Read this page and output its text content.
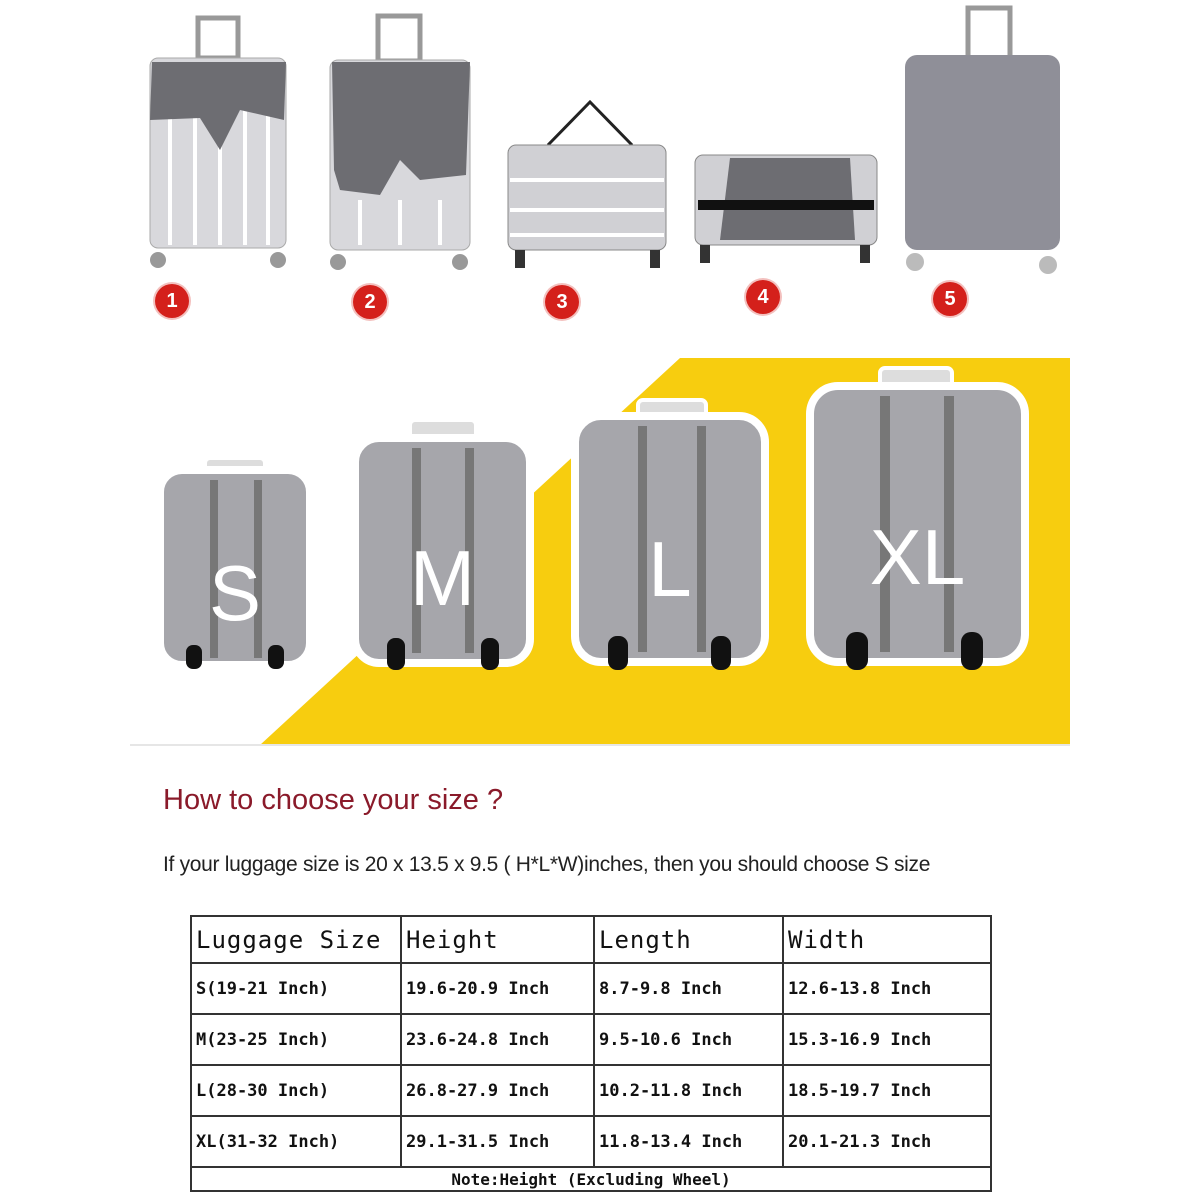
1	2	3	4	5
S	M	L	XL
How to choose your size ?
If your luggage size is 20 x 13.5 x 9.5 ( H*L*W)inches, then you should choose S size
Luggage Size	Height	Length	Width
S(19-21 Inch)	19.6-20.9 Inch	8.7-9.8 Inch	12.6-13.8 Inch
M(23-25 Inch)	23.6-24.8 Inch	9.5-10.6 Inch	15.3-16.9 Inch
L(28-30 Inch)	26.8-27.9 Inch	10.2-11.8 Inch	18.5-19.7 Inch
XL(31-32 Inch)	29.1-31.5 Inch	11.8-13.4 Inch	20.1-21.3 Inch
Note:Height (Excluding Wheel)			
